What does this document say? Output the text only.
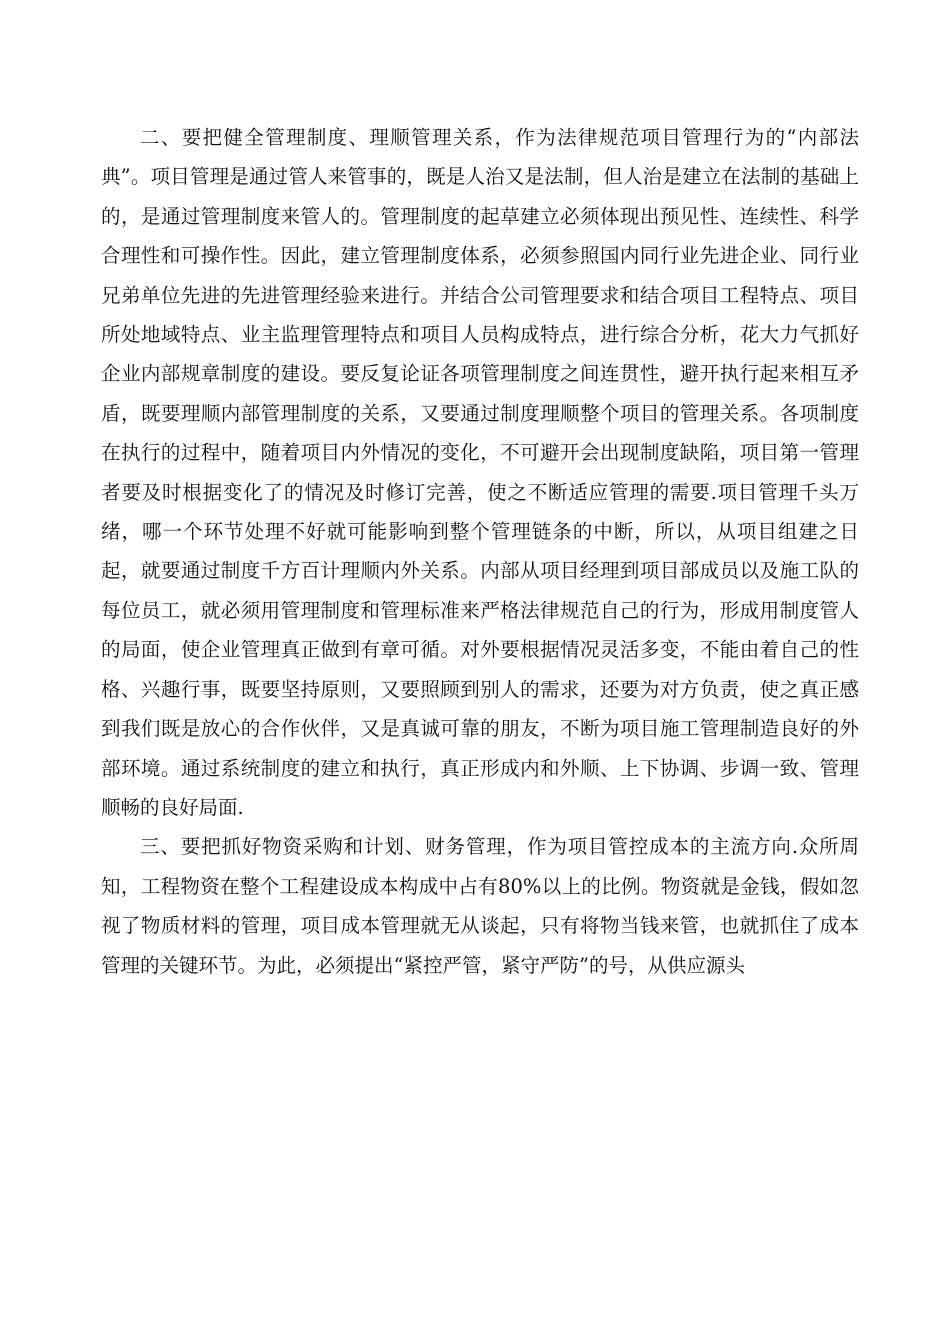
二、要把健全管理制度、理顺管理关系，作为法律规范项目管理行为的“内部法典”。项目管理是通过管人来管事的，既是人治又是法制，但人治是建立在法制的基础上的，是通过管理制度来管人的。管理制度的起草建立必须体现出预见性、连续性、科学合理性和可操作性。因此，建立管理制度体系，必须参照国内同行业先进企业、同行业兄弟单位先进的先进管理经验来进行。并结合公司管理要求和结合项目工程特点、项目所处地域特点、业主监理管理特点和项目人员构成特点，进行综合分析，花大力气抓好企业内部规章制度的建设。要反复论证各项管理制度之间连贯性，避开执行起来相互矛盾，既要理顺内部管理制度的关系，又要通过制度理顺整个项目的管理关系。各项制度在执行的过程中，随着项目内外情况的变化，不可避开会出现制度缺陷，项目第一管理者要及时根据变化了的情况及时修订完善，使之不断适应管理的需要.项目管理千头万绪，哪一个环节处理不好就可能影响到整个管理链条的中断，所以，从项目组建之日起，就要通过制度千方百计理顺内外关系。内部从项目经理到项目部成员以及施工队的每位员工，就必须用管理制度和管理标准来严格法律规范自己的行为，形成用制度管人的局面，使企业管理真正做到有章可循。对外要根据情况灵活多变，不能由着自己的性格、兴趣行事，既要坚持原则，又要照顾到别人的需求，还要为对方负责，使之真正感到我们既是放心的合作伙伴，又是真诚可靠的朋友，不断为项目施工管理制造良好的外部环境。通过系统制度的建立和执行，真正形成内和外顺、上下协调、步调一致、管理顺畅的良好局面.

三、要把抓好物资采购和计划、财务管理，作为项目管控成本的主流方向.众所周知，工程物资在整个工程建设成本构成中占有80%以上的比例。物资就是金钱，假如忽视了物质材料的管理，项目成本管理就无从谈起，只有将物当钱来管，也就抓住了成本管理的关键环节。为此，必须提出“紧控严管，紧守严防”的号，从供应源头
